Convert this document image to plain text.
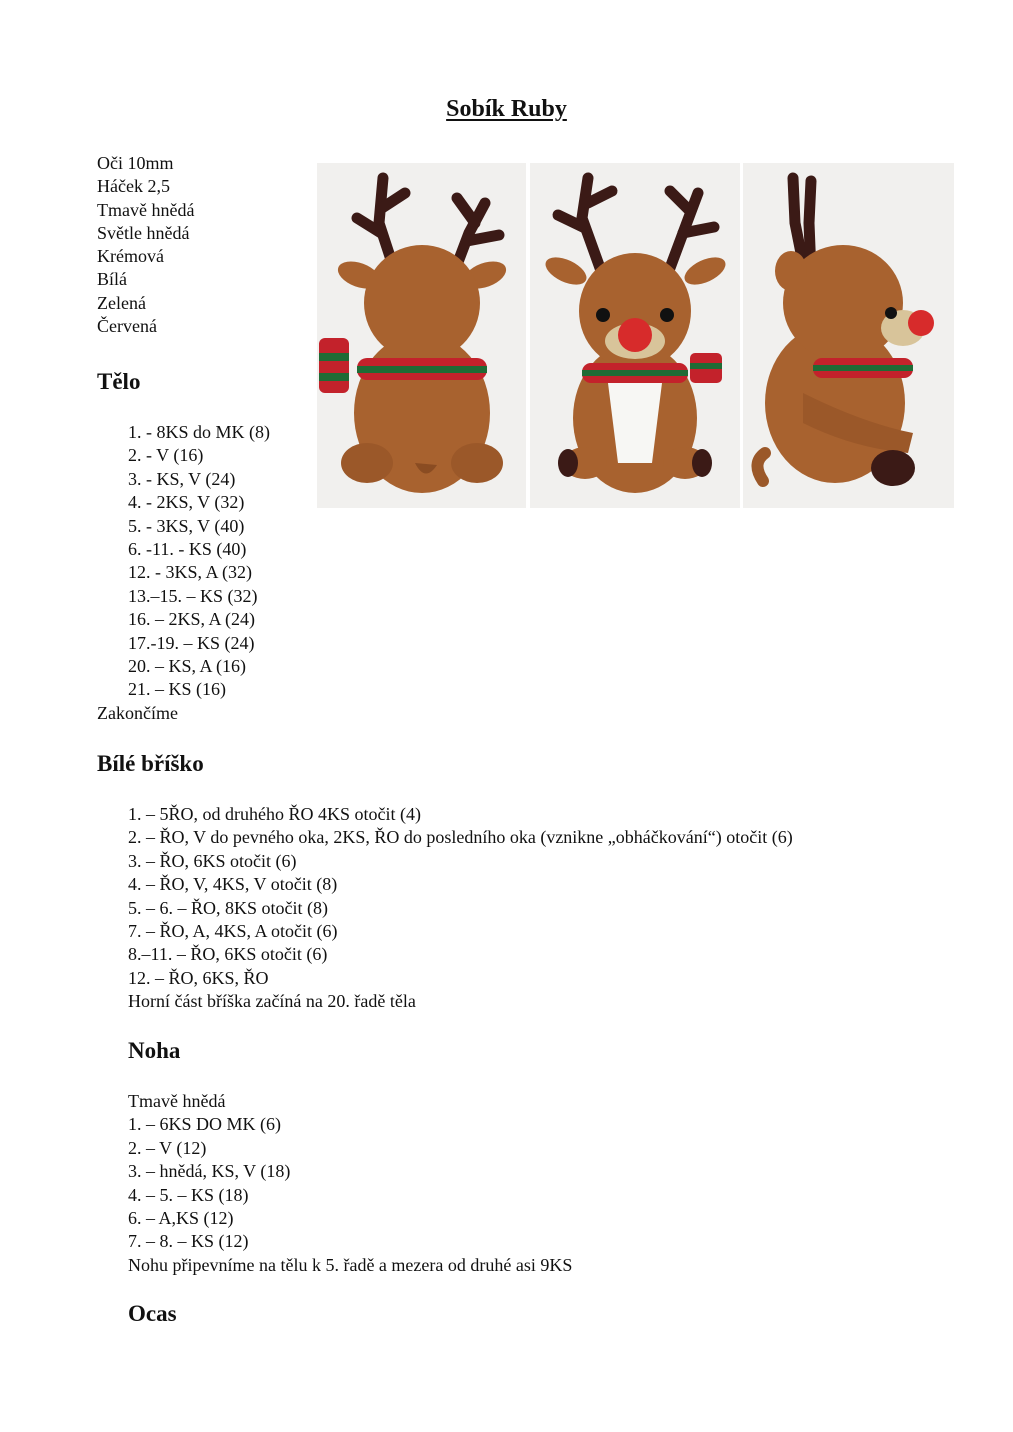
Sobík Ruby
Oči 10mm
Háček 2,5
Tmavě hnědá
Světle hnědá
Krémová
Bílá
Zelená
Červená
Tělo
1. - 8KS do MK (8)
2. - V (16)
3. - KS, V (24)
4. - 2KS, V (32)
5. - 3KS, V (40)
6. -11. - KS (40)
12. - 3KS, A (32)
13.–15. – KS (32)
16. – 2KS, A (24)
17.-19. – KS (24)
20. – KS, A (16)
21. – KS (16)
Zakončíme
Bílé bříško
1. – 5ŘO, od druhého ŘO 4KS otočit (4)
2. – ŘO, V do pevného oka, 2KS, ŘO do posledního oka (vznikne „obháčkování“) otočit (6)
3. – ŘO, 6KS otočit (6)
4. – ŘO, V, 4KS, V otočit (8)
5. – 6. – ŘO, 8KS otočit (8)
7. – ŘO, A, 4KS, A otočit (6)
8.–11. – ŘO, 6KS otočit (6)
12. – ŘO, 6KS, ŘO
Horní část bříška začíná na 20. řadě těla
Noha
Tmavě hnědá
1. – 6KS DO MK (6)
2. – V (12)
3. – hnědá, KS, V (18)
4. – 5. – KS (18)
6. – A,KS (12)
7. – 8. – KS (12)
Nohu připevníme na tělu k 5. řadě a mezera od druhé asi 9KS
Ocas
